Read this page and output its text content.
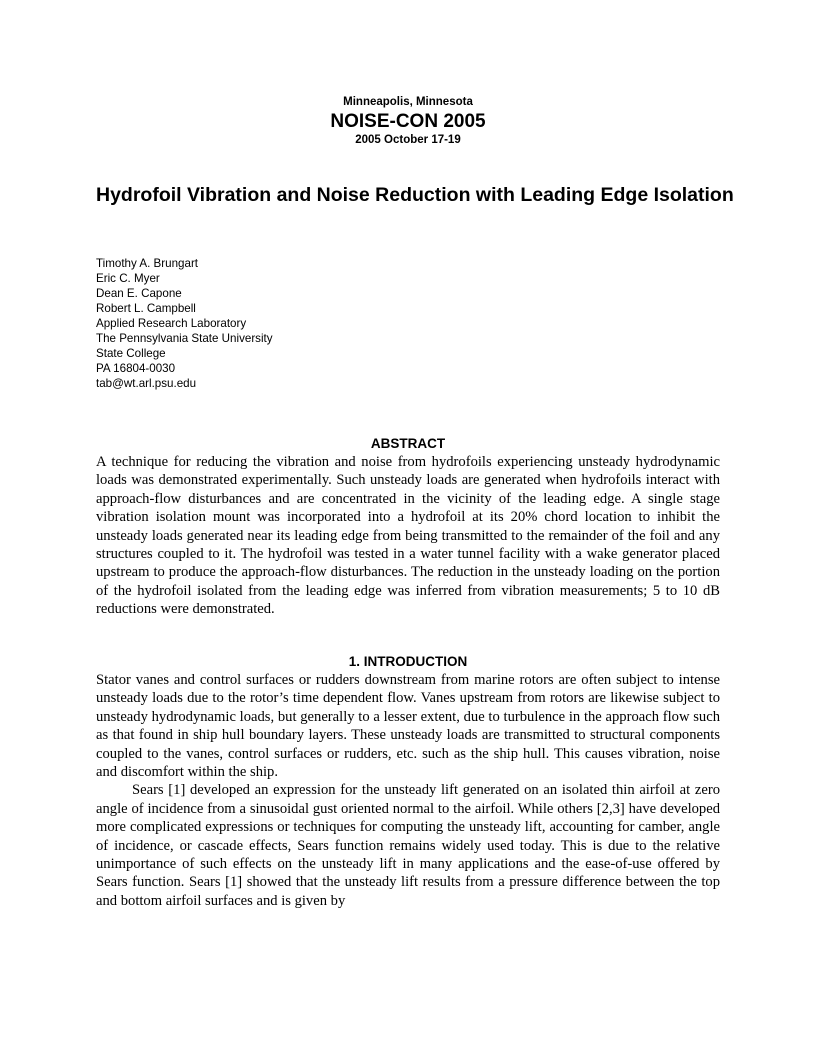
Minneapolis, Minnesota
NOISE-CON 2005
2005 October 17-19
Hydrofoil Vibration and Noise Reduction with Leading Edge Isolation
Timothy A. Brungart
Eric C. Myer
Dean E. Capone
Robert L. Campbell
Applied Research Laboratory
The Pennsylvania State University
State College
PA 16804-0030
tab@wt.arl.psu.edu
ABSTRACT

A technique for reducing the vibration and noise from hydrofoils experiencing unsteady hydrodynamic loads was demonstrated experimentally. Such unsteady loads are generated when hydrofoils interact with approach-flow disturbances and are concentrated in the vicinity of the leading edge. A single stage vibration isolation mount was incorporated into a hydrofoil at its 20% chord location to inhibit the unsteady loads generated near its leading edge from being transmitted to the remainder of the foil and any structures coupled to it. The hydrofoil was tested in a water tunnel facility with a wake generator placed upstream to produce the approach-flow disturbances. The reduction in the unsteady loading on the portion of the hydrofoil isolated from the leading edge was inferred from vibration measurements; 5 to 10 dB reductions were demonstrated.

1. INTRODUCTION

Stator vanes and control surfaces or rudders downstream from marine rotors are often subject to intense unsteady loads due to the rotor’s time dependent flow. Vanes upstream from rotors are likewise subject to unsteady hydrodynamic loads, but generally to a lesser extent, due to turbulence in the approach flow such as that found in ship hull boundary layers. These unsteady loads are transmitted to structural components coupled to the vanes, control surfaces or rudders, etc. such as the ship hull. This causes vibration, noise and discomfort within the ship.

Sears [1] developed an expression for the unsteady lift generated on an isolated thin airfoil at zero angle of incidence from a sinusoidal gust oriented normal to the airfoil. While others [2,3] have developed more complicated expressions or techniques for computing the unsteady lift, accounting for camber, angle of incidence, or cascade effects, Sears function remains widely used today. This is due to the relative unimportance of such effects on the unsteady lift in many applications and the ease-of-use offered by Sears function. Sears [1] showed that the unsteady lift results from a pressure difference between the top and bottom airfoil surfaces and is given by
